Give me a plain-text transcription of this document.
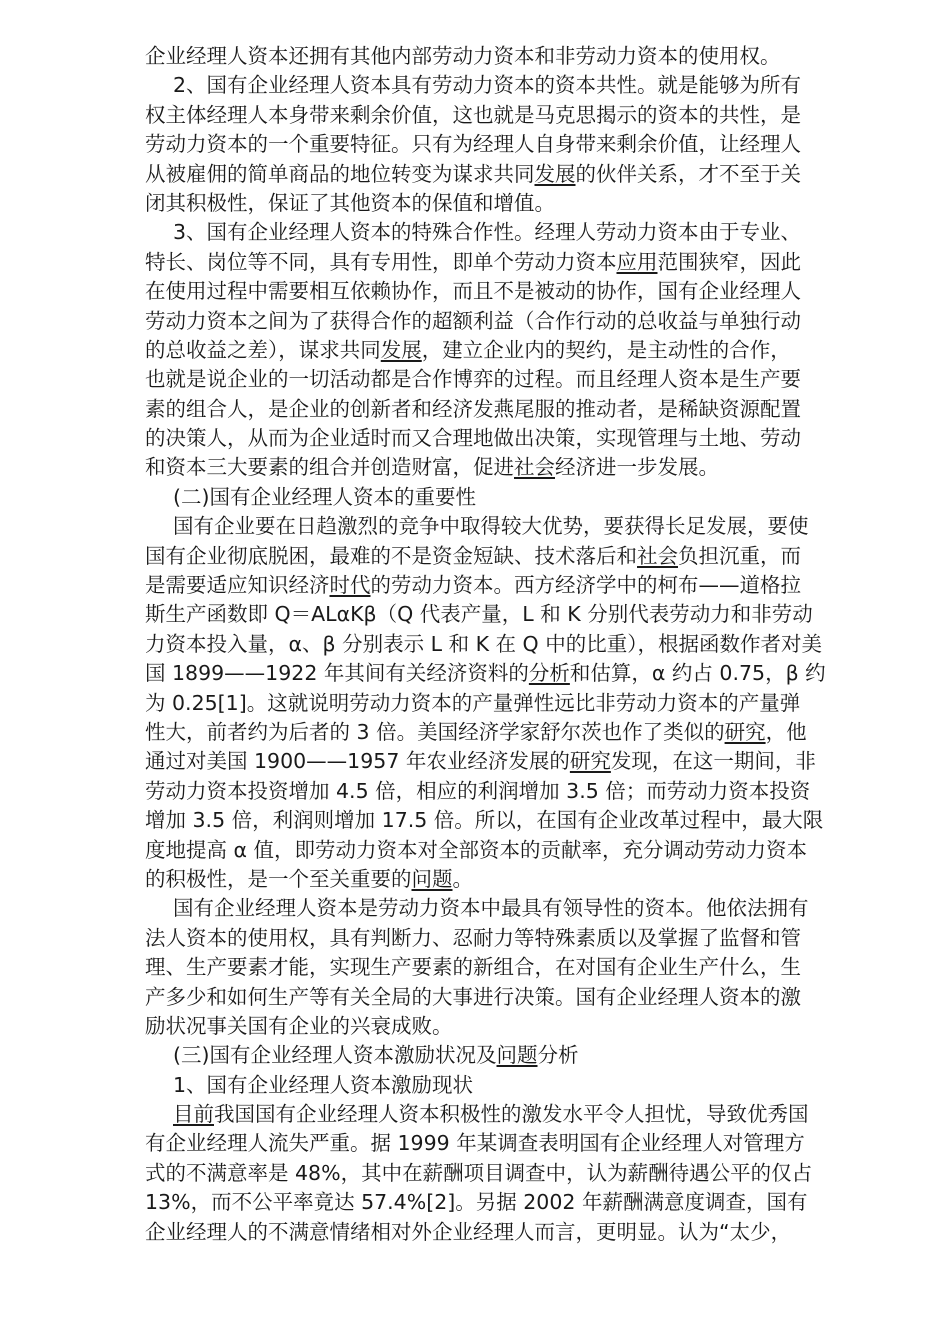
企业经理人资本还拥有其他内部劳动力资本和非劳动力资本的使用权。
2、国有企业经理人资本具有劳动力资本的资本共性。就是能够为所有
权主体经理人本身带来剩余价值，这也就是马克思揭示的资本的共性，是
劳动力资本的一个重要特征。只有为经理人自身带来剩余价值，让经理人
从被雇佣的简单商品的地位转变为谋求共同发展的伙伴关系，才不至于关
闭其积极性，保证了其他资本的保值和增值。
3、国有企业经理人资本的特殊合作性。经理人劳动力资本由于专业、
特长、岗位等不同，具有专用性，即单个劳动力资本应用范围狭窄，因此
在使用过程中需要相互依赖协作，而且不是被动的协作，国有企业经理人
劳动力资本之间为了获得合作的超额利益（合作行动的总收益与单独行动
的总收益之差），谋求共同发展，建立企业内的契约，是主动性的合作，
也就是说企业的一切活动都是合作博弈的过程。而且经理人资本是生产要
素的组合人，是企业的创新者和经济发燕尾服的推动者，是稀缺资源配置
的决策人，从而为企业适时而又合理地做出决策，实现管理与土地、劳动
和资本三大要素的组合并创造财富，促进社会经济进一步发展。
(二)国有企业经理人资本的重要性
国有企业要在日趋激烈的竞争中取得较大优势，要获得长足发展，要使
国有企业彻底脱困，最难的不是资金短缺、技术落后和社会负担沉重，而
是需要适应知识经济时代的劳动力资本。西方经济学中的柯布——道格拉
斯生产函数即 Q＝ALαKβ（Q 代表产量，L 和 K 分别代表劳动力和非劳动
力资本投入量，α、β 分别表示 L 和 K 在 Q 中的比重），根据函数作者对美
国 1899——1922 年其间有关经济资料的分析和估算，α 约占 0.75，β 约
为 0.25[1]。这就说明劳动力资本的产量弹性远比非劳动力资本的产量弹
性大，前者约为后者的 3 倍。美国经济学家舒尔茨也作了类似的研究，他
通过对美国 1900——1957 年农业经济发展的研究发现，在这一期间，非
劳动力资本投资增加 4.5 倍，相应的利润增加 3.5 倍；而劳动力资本投资
增加 3.5 倍，利润则增加 17.5 倍。所以，在国有企业改革过程中，最大限
度地提高 α 值，即劳动力资本对全部资本的贡献率，充分调动劳动力资本
的积极性，是一个至关重要的问题。
国有企业经理人资本是劳动力资本中最具有领导性的资本。他依法拥有
法人资本的使用权，具有判断力、忍耐力等特殊素质以及掌握了监督和管
理、生产要素才能，实现生产要素的新组合，在对国有企业生产什么，生
产多少和如何生产等有关全局的大事进行决策。国有企业经理人资本的激
励状况事关国有企业的兴衰成败。
(三)国有企业经理人资本激励状况及问题分析
1、国有企业经理人资本激励现状
目前我国国有企业经理人资本积极性的激发水平令人担忧，导致优秀国
有企业经理人流失严重。据 1999 年某调查表明国有企业经理人对管理方
式的不满意率是 48%，其中在薪酬项目调查中，认为薪酬待遇公平的仅占
13%，而不公平率竟达 57.4%[2]。另据 2002 年薪酬满意度调查，国有
企业经理人的不满意情绪相对外企业经理人而言，更明显。认为“太少，
